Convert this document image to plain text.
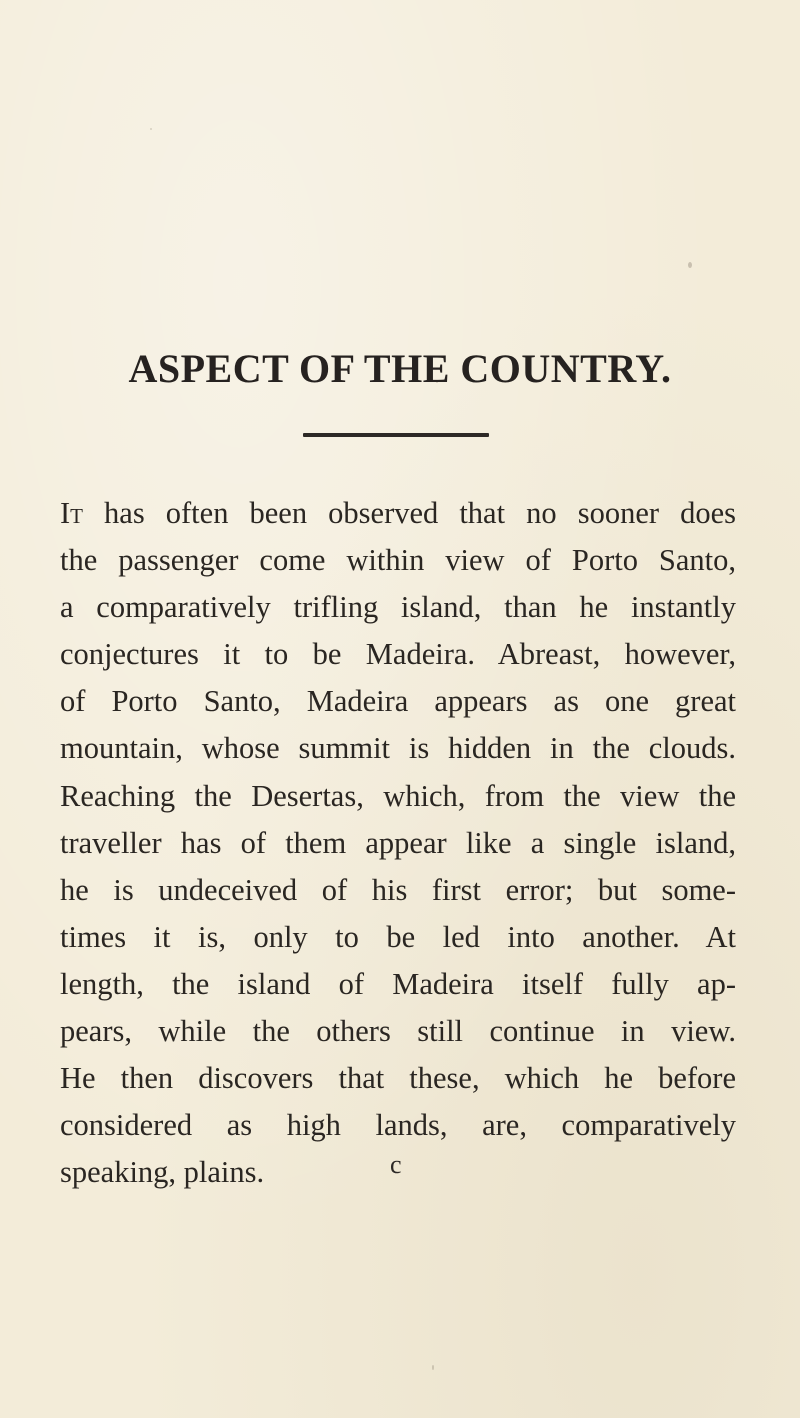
ASPECT OF THE COUNTRY.
It has often been observed that no sooner does
the passenger come within view of Porto Santo,
a comparatively trifling island, than he instantly
conjectures it to be Madeira. Abreast, however,
of Porto Santo, Madeira appears as one great
mountain, whose summit is hidden in the clouds.
Reaching the Desertas, which, from the view the
traveller has of them appear like a single island,
he is undeceived of his first error; but some-
times it is, only to be led into another. At
length, the island of Madeira itself fully ap-
pears, while the others still continue in view.
He then discovers that these, which he before
considered as high lands, are, comparatively
speaking, plains.	c
